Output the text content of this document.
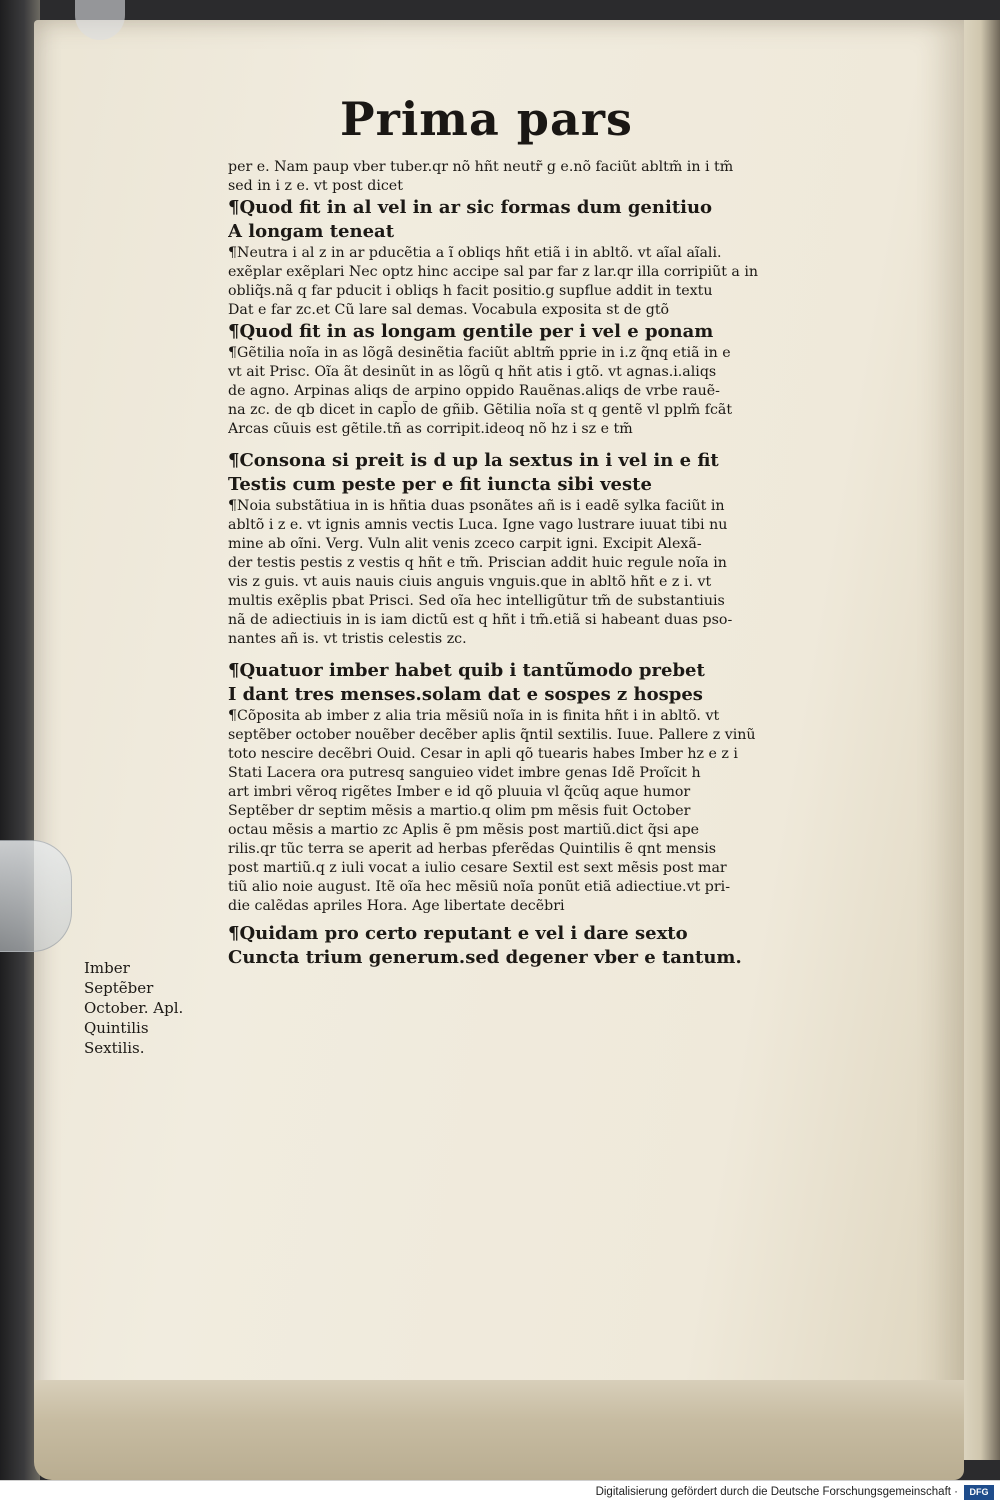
Prima pars
per e. Nam paup vber tuber.qr nõ hñt neutr̃ g e.nõ faciũt abltm̃ in i tm̃
sed in i z e. vt post dicet
¶Quod fit in al vel in ar sic formas dum genitiuo
A longam teneat
¶Neutra i al z in ar pducẽtia a ĩ obliqs hñt etiã i in abltõ. vt aĩal aĩali.
exẽplar exẽplari Nec optz hinc accipe sal par far z lar.qr illa corripiũt a in
obliq̃s.nã q far pducit i obliqs h facit positio.g supflue addit in textu
Dat e far zc.et Cũ lare sal demas. Vocabula exposita st de gtõ
¶Quod fit in as longam gentile per i vel e ponam
¶Gẽtilia noĩa in as lõgã desinẽtia faciũt abltm̃ pprie in i.z q̃nq etiã in e
vt ait Prisc. Oĩa ãt desinũt in as lõgũ q hñt atis i gtõ. vt agnas.i.aliqs
de agno. Arpinas aliqs de arpino oppido Rauẽnas.aliqs de vrbe rauẽ-
na zc. de qb dicet in capl̃o de gñib. Gẽtilia noĩa st q gentẽ vl pplm̃ fcãt
Arcas cũuis est gẽtile.tñ as corripit.ideoq nõ hz i sz e tm̃
¶Consona si preit is d up la sextus in i vel in e fit
Testis cum peste per e fit iuncta sibi veste
¶Noia substãtiua in is hñtia duas psonãtes añ is i eadẽ sylka faciũt in
abltõ i z e. vt ignis amnis vectis Luca. Igne vago lustrare iuuat tibi nu
mine ab oĩni. Verg. Vuln alit venis zceco carpit igni. Excipit Alexã-
der testis pestis z vestis q hñt e tm̃. Priscian addit huic regule noĩa in
vis z guis. vt auis nauis ciuis anguis vnguis.que in abltõ hñt e z i. vt
multis exẽplis pbat Prisci. Sed oĩa hec intelligũtur tm̃ de substantiuis
nã de adiectiuis in is iam dictũ est q hñt i tm̃.etiã si habeant duas pso-
nantes añ is. vt tristis celestis zc.
¶Quatuor imber habet quib i tantũmodo prebet
I dant tres menses.solam dat e sospes z hospes
¶Cõposita ab imber z alia tria mẽsiũ noĩa in is finita hñt i in abltõ. vt
septẽber october nouẽber decẽber aplis q̃ntil sextilis. Iuue. Pallere z vinũ
toto nescire decẽbri Ouid. Cesar in apli qõ tuearis habes Imber hz e z i
Stati Lacera ora putresq sanguieo videt imbre genas Idẽ Proĩcit h
art imbri vẽroq rigẽtes Imber e id qõ pluuia vl q̃cũq aque humor
Septẽber dr septim mẽsis a martio.q olim pm mẽsis fuit October
octau mẽsis a martio zc Aplis ẽ pm mẽsis post martiũ.dict q̃si ape
rilis.qr tũc terra se aperit ad herbas pferẽdas Quintilis ẽ qnt mensis
post martiũ.q z iuli vocat a iulio cesare Sextil est sext mẽsis post mar
tiũ alio noie august. Itẽ oĩa hec mẽsiũ noĩa ponũt etiã adiectiue.vt pri-
die calẽdas apriles Hora. Age libertate decẽbri
¶Quidam pro certo reputant e vel i dare sexto
Cuncta trium generum.sed degener vber e tantum.
Imber
Septẽber
October. Apl.
Quintilis
Sextilis.
Digitalisierung gefördert durch die Deutsche Forschungsgemeinschaft ·	DFG
